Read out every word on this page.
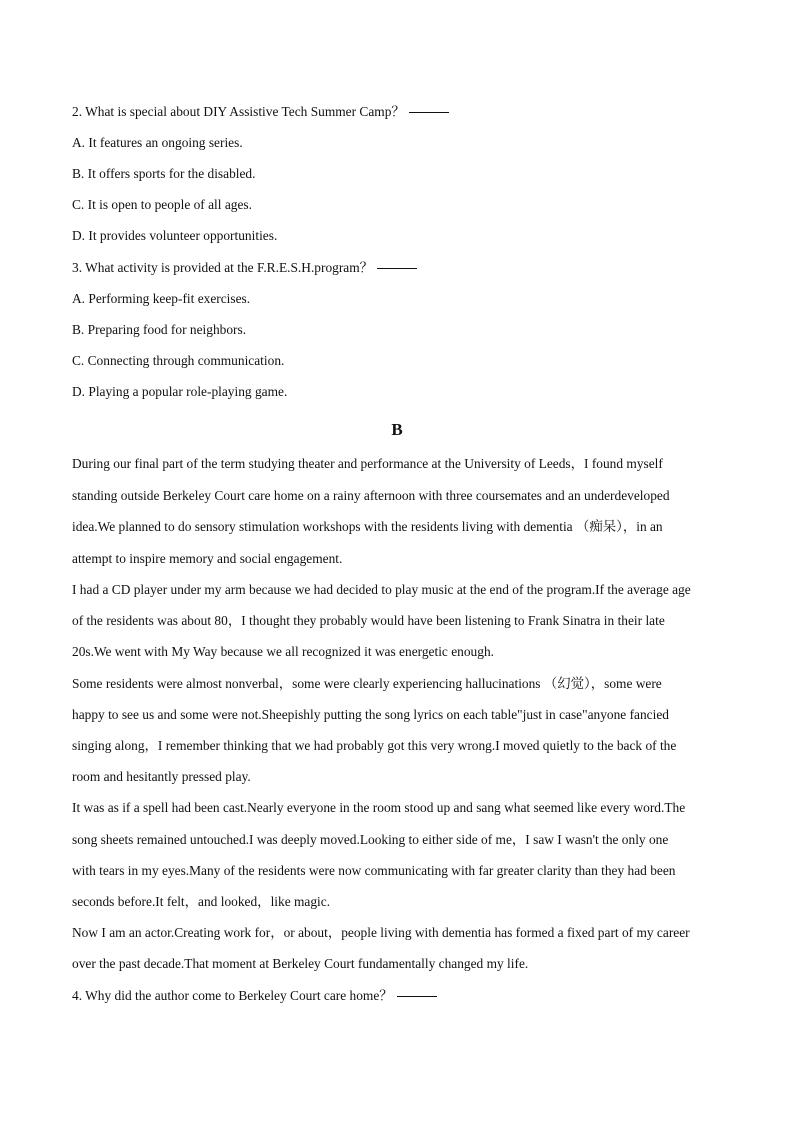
2. What is special about DIY Assistive Tech Summer Camp？
A. It features an ongoing series.
B. It offers sports for the disabled.
C. It is open to people of all ages.
D. It provides volunteer opportunities.
3. What activity is provided at the F.R.E.S.H.program？
A. Performing keep-fit exercises.
B. Preparing food for neighbors.
C. Connecting through communication.
D. Playing a popular role-playing game.
B
During our final part of the term studying theater and performance at the University of Leeds，I found myself
standing outside Berkeley Court care home on a rainy afternoon with three coursemates and an underdeveloped
idea.We planned to do sensory stimulation workshops with the residents living with dementia （痴呆），in an
attempt to inspire memory and social engagement.
I had a CD player under my arm because we had decided to play music at the end of the program.If the average age
of the residents was about 80，I thought they probably would have been listening to Frank Sinatra in their late
20s.We went with My Way because we all recognized it was energetic enough.
Some residents were almost nonverbal，some were clearly experiencing hallucinations （幻觉），some were
happy to see us and some were not.Sheepishly putting the song lyrics on each table"just in case"anyone fancied
singing along，I remember thinking that we had probably got this very wrong.I moved quietly to the back of the
room and hesitantly pressed play.
It was as if a spell had been cast.Nearly everyone in the room stood up and sang what seemed like every word.The
song sheets remained untouched.I was deeply moved.Looking to either side of me，I saw I wasn't the only one
with tears in my eyes.Many of the residents were now communicating with far greater clarity than they had been
seconds before.It felt，and looked，like magic.
Now I am an actor.Creating work for，or about，people living with dementia has formed a fixed part of my career
over the past decade.That moment at Berkeley Court fundamentally changed my life.
4. Why did the author come to Berkeley Court care home？
